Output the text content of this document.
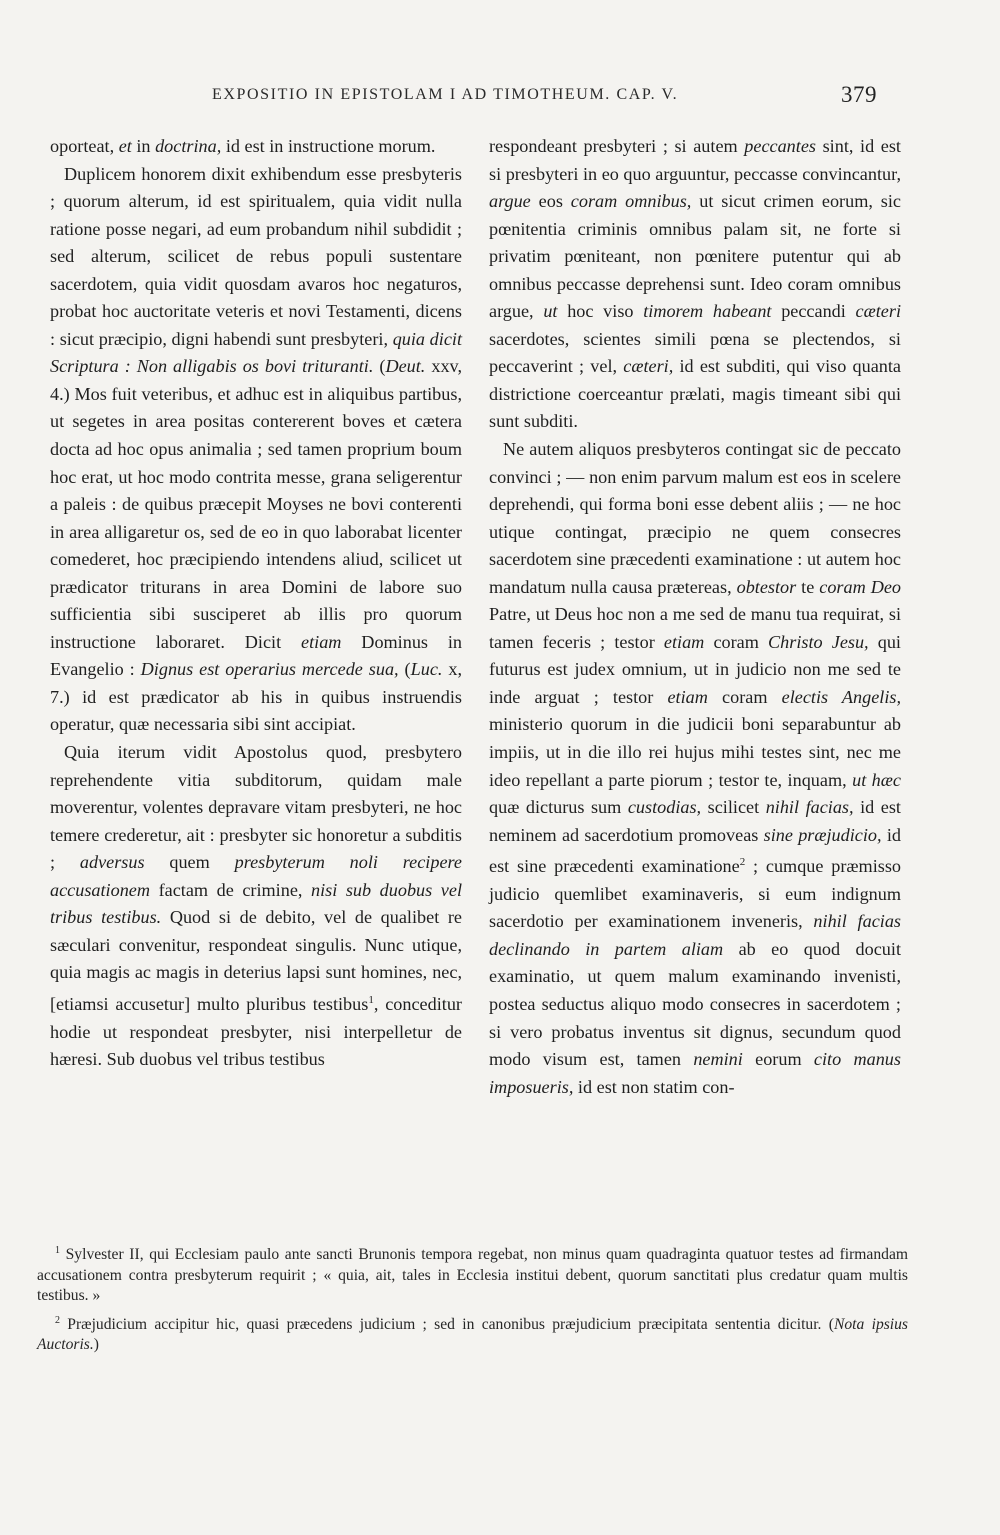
EXPOSITIO IN EPISTOLAM I AD TIMOTHEUM. CAP. V.	379

oporteat, et in doctrina, id est in instructione morum.

Duplicem honorem dixit exhibendum esse presbyteris ; quorum alterum, id est spiritualem, quia vidit nulla ratione posse negari, ad eum probandum nihil subdidit ; sed alterum, scilicet de rebus populi sustentare sacerdotem, quia vidit quosdam avaros hoc negaturos, probat hoc auctoritate veteris et novi Testamenti, dicens : sicut præcipio, digni habendi sunt presbyteri, quia dicit Scriptura : Non alligabis os bovi trituranti. (Deut. xxv, 4.) Mos fuit veteribus, et adhuc est in aliquibus partibus, ut segetes in area positas contererent boves et cætera docta ad hoc opus animalia ; sed tamen proprium boum hoc erat, ut hoc modo contrita messe, grana seligerentur a paleis : de quibus præcepit Moyses ne bovi conterenti in area alligaretur os, sed de eo in quo laborabat licenter comederet, hoc præcipiendo intendens aliud, scilicet ut prædicator triturans in area Domini de labore suo sufficientia sibi susciperet ab illis pro quorum instructione laboraret. Dicit etiam Dominus in Evangelio : Dignus est operarius mercede sua, (Luc. x, 7.) id est prædicator ab his in quibus instruendis operatur, quæ necessaria sibi sint accipiat.

Quia iterum vidit Apostolus quod, presbytero reprehendente vitia subditorum, quidam male moverentur, volentes depravare vitam presbyteri, ne hoc temere crederetur, ait : presbyter sic honoretur a subditis ; adversus quem presbyterum noli recipere accusationem factam de crimine, nisi sub duobus vel tribus testibus. Quod si de debito, vel de qualibet re sæculari convenitur, respondeat singulis. Nunc utique, quia magis ac magis in deterius lapsi sunt homines, nec, [etiamsi accusetur] multo pluribus testibus$^1$, conceditur hodie ut respondeat presbyter, nisi interpelletur de hæresi. Sub duobus vel tribus testibus

respondeant presbyteri ; si autem peccantes sint, id est si presbyteri in eo quo arguuntur, peccasse convincantur, argue eos coram omnibus, ut sicut crimen eorum, sic pœnitentia criminis omnibus palam sit, ne forte si privatim pœniteant, non pœnitere putentur qui ab omnibus peccasse deprehensi sunt. Ideo coram omnibus argue, ut hoc viso timorem habeant peccandi cæteri sacerdotes, scientes simili pœna se plectendos, si peccaverint ; vel, cæteri, id est subditi, qui viso quanta districtione coerceantur prælati, magis timeant sibi qui sunt subditi.

Ne autem aliquos presbyteros contingat sic de peccato convinci ; — non enim parvum malum est eos in scelere deprehendi, qui forma boni esse debent aliis ; — ne hoc utique contingat, præcipio ne quem consecres sacerdotem sine præcedenti examinatione : ut autem hoc mandatum nulla causa prætereas, obtestor te coram Deo Patre, ut Deus hoc non a me sed de manu tua requirat, si tamen feceris ; testor etiam coram Christo Jesu, qui futurus est judex omnium, ut in judicio non me sed te inde arguat ; testor etiam coram electis Angelis, ministerio quorum in die judicii boni separabuntur ab impiis, ut in die illo rei hujus mihi testes sint, nec me ideo repellant a parte piorum ; testor te, inquam, ut hæc quæ dicturus sum custodias, scilicet nihil facias, id est neminem ad sacerdotium promoveas sine præjudicio, id est sine præcedenti examinatione$^2$ ; cumque præmisso judicio quemlibet examinaveris, si eum indignum sacerdotio per examinationem inveneris, nihil facias declinando in partem aliam ab eo quod docuit examinatio, ut quem malum examinando invenisti, postea seductus aliquo modo consecres in sacerdotem ; si vero probatus inventus sit dignus, secundum quod modo visum est, tamen nemini eorum cito manus imposueris, id est non statim con-

$^1$ Sylvester II, qui Ecclesiam paulo ante sancti Brunonis tempora regebat, non minus quam quadraginta quatuor testes ad firmandam accusationem contra presbyterum requirit ; « quia, ait, tales in Ecclesia institui debent, quorum sanctitati plus credatur quam multis testibus. »

$^2$ Præjudicium accipitur hic, quasi præcedens judicium ; sed in canonibus præjudicium præcipitata sententia dicitur. (Nota ipsius Auctoris.)
